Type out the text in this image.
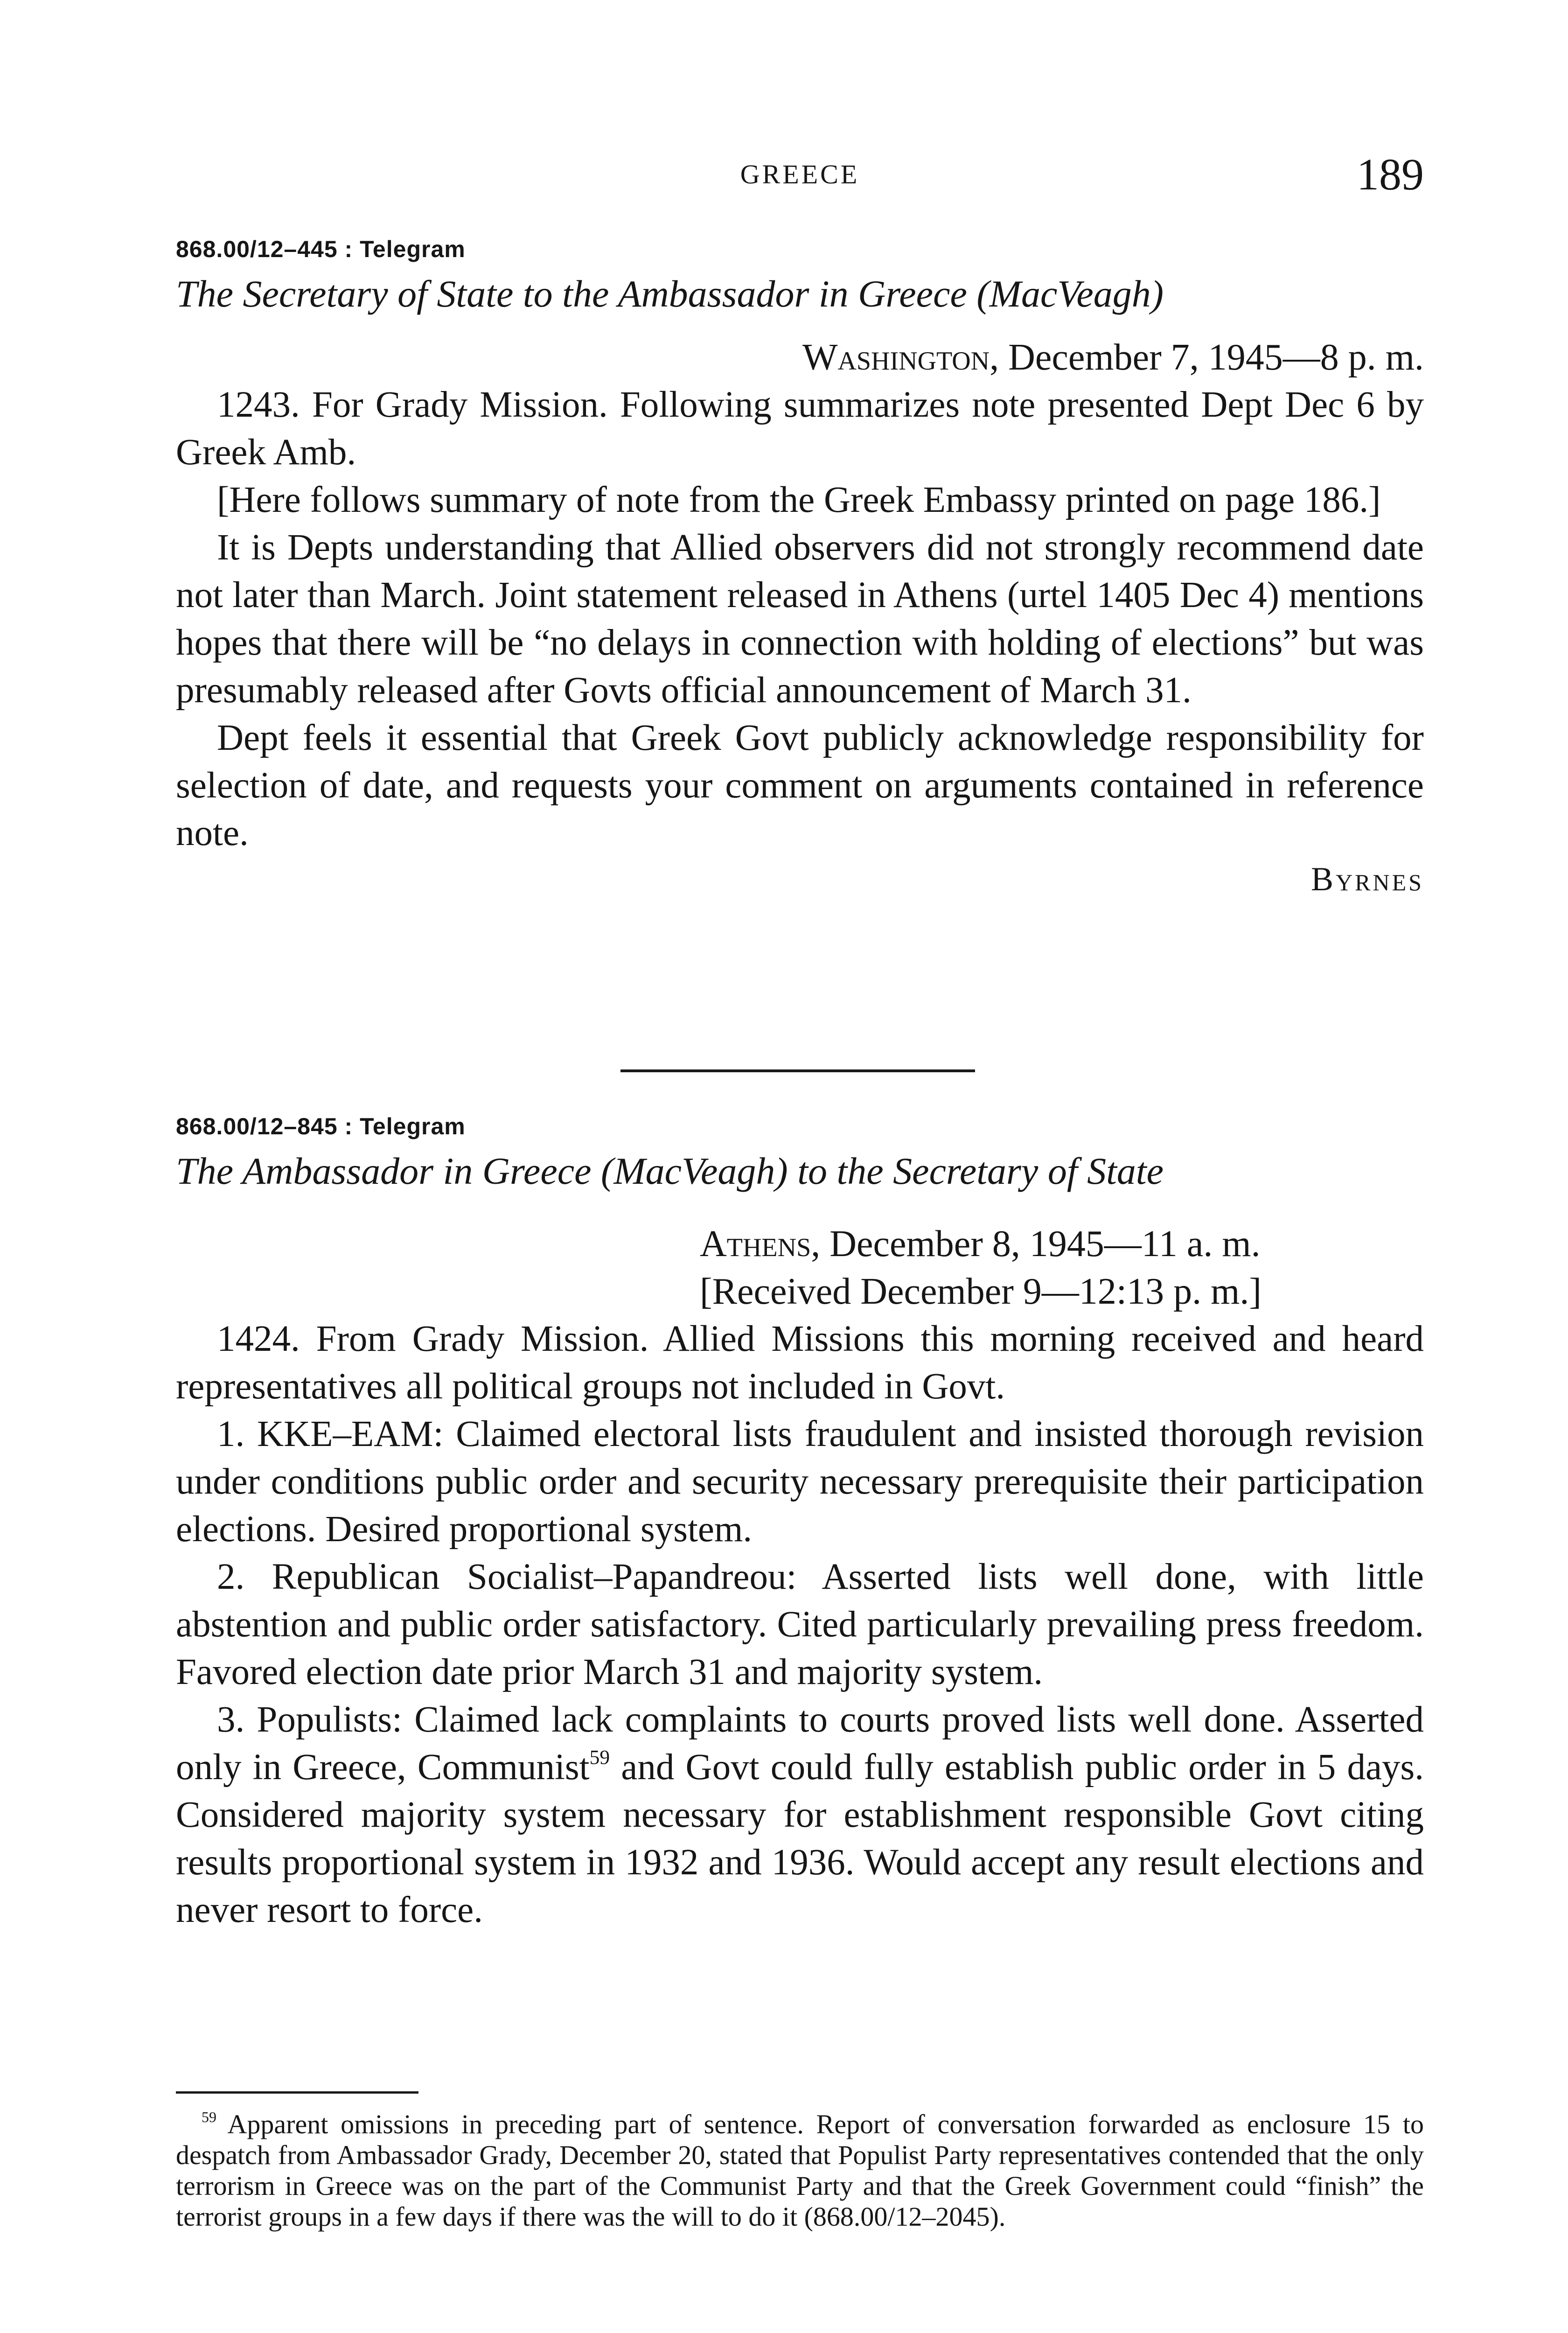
GREECE	189
868.00/12–445 : Telegram
The Secretary of State to the Ambassador in Greece (MacVeagh)
Washington, December 7, 1945—8 p. m.

1243. For Grady Mission. Following summarizes note presented Dept Dec 6 by Greek Amb.

[Here follows summary of note from the Greek Embassy printed on page 186.]

It is Depts understanding that Allied observers did not strongly recommend date not later than March. Joint statement released in Athens (urtel 1405 Dec 4) mentions hopes that there will be “no delays in connection with holding of elections” but was presumably released after Govts official announcement of March 31.

Dept feels it essential that Greek Govt publicly acknowledge responsibility for selection of date, and requests your comment on arguments contained in reference note.

Byrnes
868.00/12–845 : Telegram
The Ambassador in Greece (MacVeagh) to the Secretary of State
Athens, December 8, 1945—11 a. m.
[Received December 9—12:13 p. m.]

1424. From Grady Mission. Allied Missions this morning received and heard representatives all political groups not included in Govt.

1. KKE–EAM: Claimed electoral lists fraudulent and insisted thorough revision under conditions public order and security necessary prerequisite their participation elections. Desired proportional system.

2. Republican Socialist–Papandreou: Asserted lists well done, with little abstention and public order satisfactory. Cited particularly prevailing press freedom. Favored election date prior March 31 and majority system.

3. Populists: Claimed lack complaints to courts proved lists well done. Asserted only in Greece, Communist$^{59}$ and Govt could fully establish public order in 5 days. Considered majority system necessary for establishment responsible Govt citing results proportional system in 1932 and 1936. Would accept any result elections and never resort to force.

$^{59}$ Apparent omissions in preceding part of sentence. Report of conversation forwarded as enclosure 15 to despatch from Ambassador Grady, December 20, stated that Populist Party representatives contended that the only terrorism in Greece was on the part of the Communist Party and that the Greek Government could “finish” the terrorist groups in a few days if there was the will to do it (868.00/12–2045).
